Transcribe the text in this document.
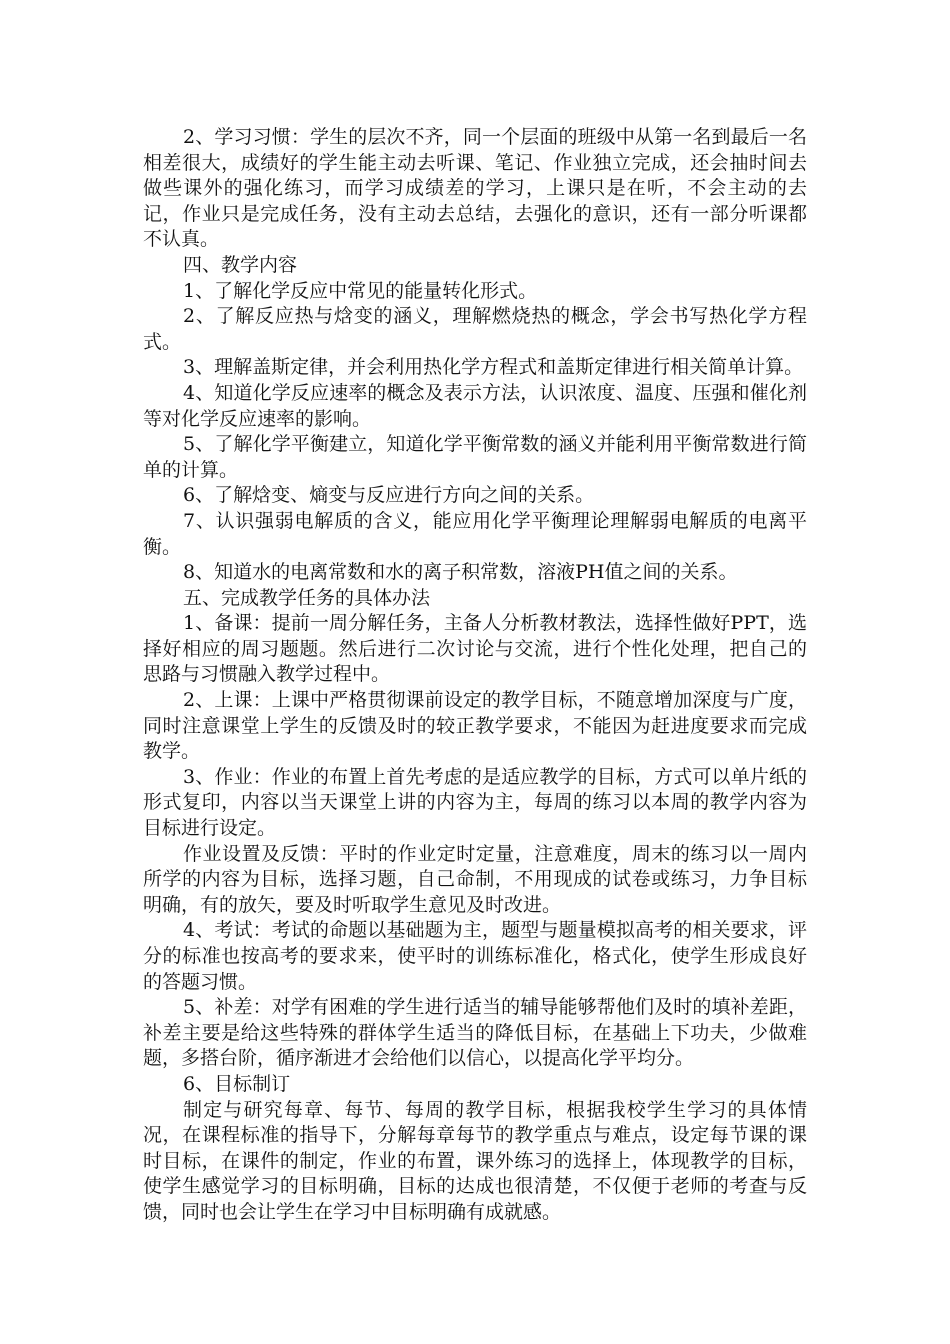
2、学习习惯：学生的层次不齐，同一个层面的班级中从第一名到最后一名相差很大，成绩好的学生能主动去听课、笔记、作业独立完成，还会抽时间去做些课外的强化练习，而学习成绩差的学习，上课只是在听，不会主动的去记，作业只是完成任务，没有主动去总结，去强化的意识，还有一部分听课都不认真。

四、教学内容

1、了解化学反应中常见的能量转化形式。

2、了解反应热与焓变的涵义，理解燃烧热的概念，学会书写热化学方程式。

3、理解盖斯定律，并会利用热化学方程式和盖斯定律进行相关简单计算。

4、知道化学反应速率的概念及表示方法，认识浓度、温度、压强和催化剂等对化学反应速率的影响。

5、了解化学平衡建立，知道化学平衡常数的涵义并能利用平衡常数进行简单的计算。

6、了解焓变、熵变与反应进行方向之间的关系。

7、认识强弱电解质的含义，能应用化学平衡理论理解弱电解质的电离平衡。

8、知道水的电离常数和水的离子积常数，溶液PH值之间的关系。

五、完成教学任务的具体办法

1、备课：提前一周分解任务，主备人分析教材教法，选择性做好PPT，选择好相应的周习题题。然后进行二次讨论与交流，进行个性化处理，把自己的思路与习惯融入教学过程中。

2、上课：上课中严格贯彻课前设定的教学目标，不随意增加深度与广度，同时注意课堂上学生的反馈及时的较正教学要求，不能因为赶进度要求而完成教学。

3、作业：作业的布置上首先考虑的是适应教学的目标，方式可以单片纸的形式复印，内容以当天课堂上讲的内容为主，每周的练习以本周的教学内容为目标进行设定。

作业设置及反馈：平时的作业定时定量，注意难度，周末的练习以一周内所学的内容为目标，选择习题，自己命制，不用现成的试卷或练习，力争目标明确，有的放矢，要及时听取学生意见及时改进。

4、考试：考试的命题以基础题为主，题型与题量模拟高考的相关要求，评分的标准也按高考的要求来，使平时的训练标准化，格式化，使学生形成良好的答题习惯。

5、补差：对学有困难的学生进行适当的辅导能够帮他们及时的填补差距，补差主要是给这些特殊的群体学生适当的降低目标，在基础上下功夫，少做难题，多搭台阶，循序渐进才会给他们以信心，以提高化学平均分。

6、目标制订

制定与研究每章、每节、每周的教学目标，根据我校学生学习的具体情况，在课程标准的指导下，分解每章每节的教学重点与难点，设定每节课的课时目标，在课件的制定，作业的布置，课外练习的选择上，体现教学的目标，使学生感觉学习的目标明确，目标的达成也很清楚，不仅便于老师的考查与反馈，同时也会让学生在学习中目标明确有成就感。
